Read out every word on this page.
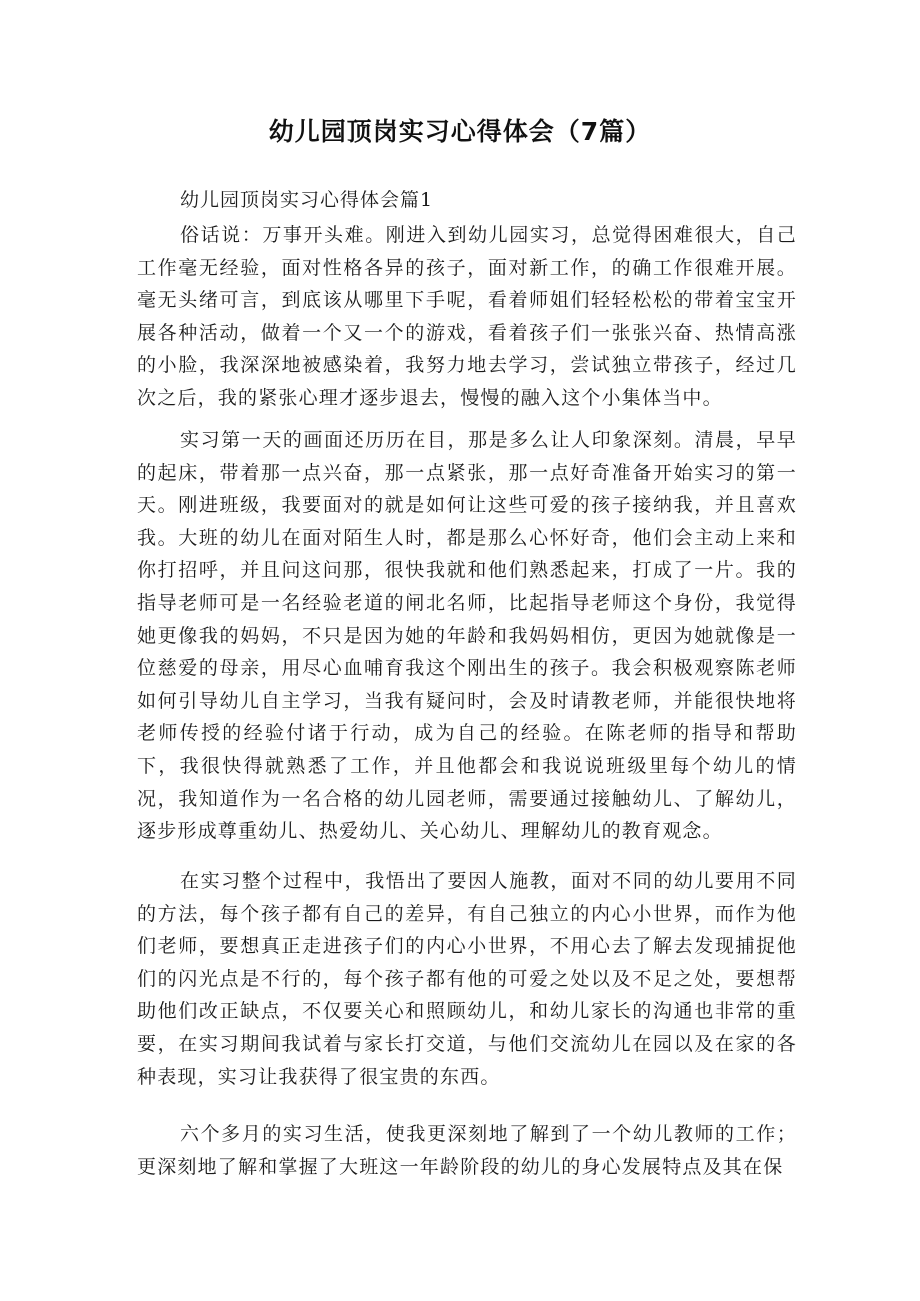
幼儿园顶岗实习心得体会（7篇）
幼儿园顶岗实习心得体会篇1

俗话说：万事开头难。刚进入到幼儿园实习，总觉得困难很大，自己工作毫无经验，面对性格各异的孩子，面对新工作，的确工作很难开展。毫无头绪可言，到底该从哪里下手呢，看着师姐们轻轻松松的带着宝宝开展各种活动，做着一个又一个的游戏，看着孩子们一张张兴奋、热情高涨的小脸，我深深地被感染着，我努力地去学习，尝试独立带孩子，经过几次之后，我的紧张心理才逐步退去，慢慢的融入这个小集体当中。

实习第一天的画面还历历在目，那是多么让人印象深刻。清晨，早早的起床，带着那一点兴奋，那一点紧张，那一点好奇准备开始实习的第一天。刚进班级，我要面对的就是如何让这些可爱的孩子接纳我，并且喜欢我。大班的幼儿在面对陌生人时，都是那么心怀好奇，他们会主动上来和你打招呼，并且问这问那，很快我就和他们熟悉起来，打成了一片。我的指导老师可是一名经验老道的闸北名师，比起指导老师这个身份，我觉得她更像我的妈妈，不只是因为她的年龄和我妈妈相仿，更因为她就像是一位慈爱的母亲，用尽心血哺育我这个刚出生的孩子。我会积极观察陈老师如何引导幼儿自主学习，当我有疑问时，会及时请教老师，并能很快地将老师传授的经验付诸于行动，成为自己的经验。在陈老师的指导和帮助下，我很快得就熟悉了工作，并且他都会和我说说班级里每个幼儿的情况，我知道作为一名合格的幼儿园老师，需要通过接触幼儿、了解幼儿，逐步形成尊重幼儿、热爱幼儿、关心幼儿、理解幼儿的教育观念。

在实习整个过程中，我悟出了要因人施教，面对不同的幼儿要用不同的方法，每个孩子都有自己的差异，有自己独立的内心小世界，而作为他们老师，要想真正走进孩子们的内心小世界，不用心去了解去发现捕捉他们的闪光点是不行的，每个孩子都有他的可爱之处以及不足之处，要想帮助他们改正缺点，不仅要关心和照顾幼儿，和幼儿家长的沟通也非常的重要，在实习期间我试着与家长打交道，与他们交流幼儿在园以及在家的各种表现，实习让我获得了很宝贵的东西。

六个多月的实习生活，使我更深刻地了解到了一个幼儿教师的工作；更深刻地了解和掌握了大班这一年龄阶段的幼儿的身心发展特点及其在保
